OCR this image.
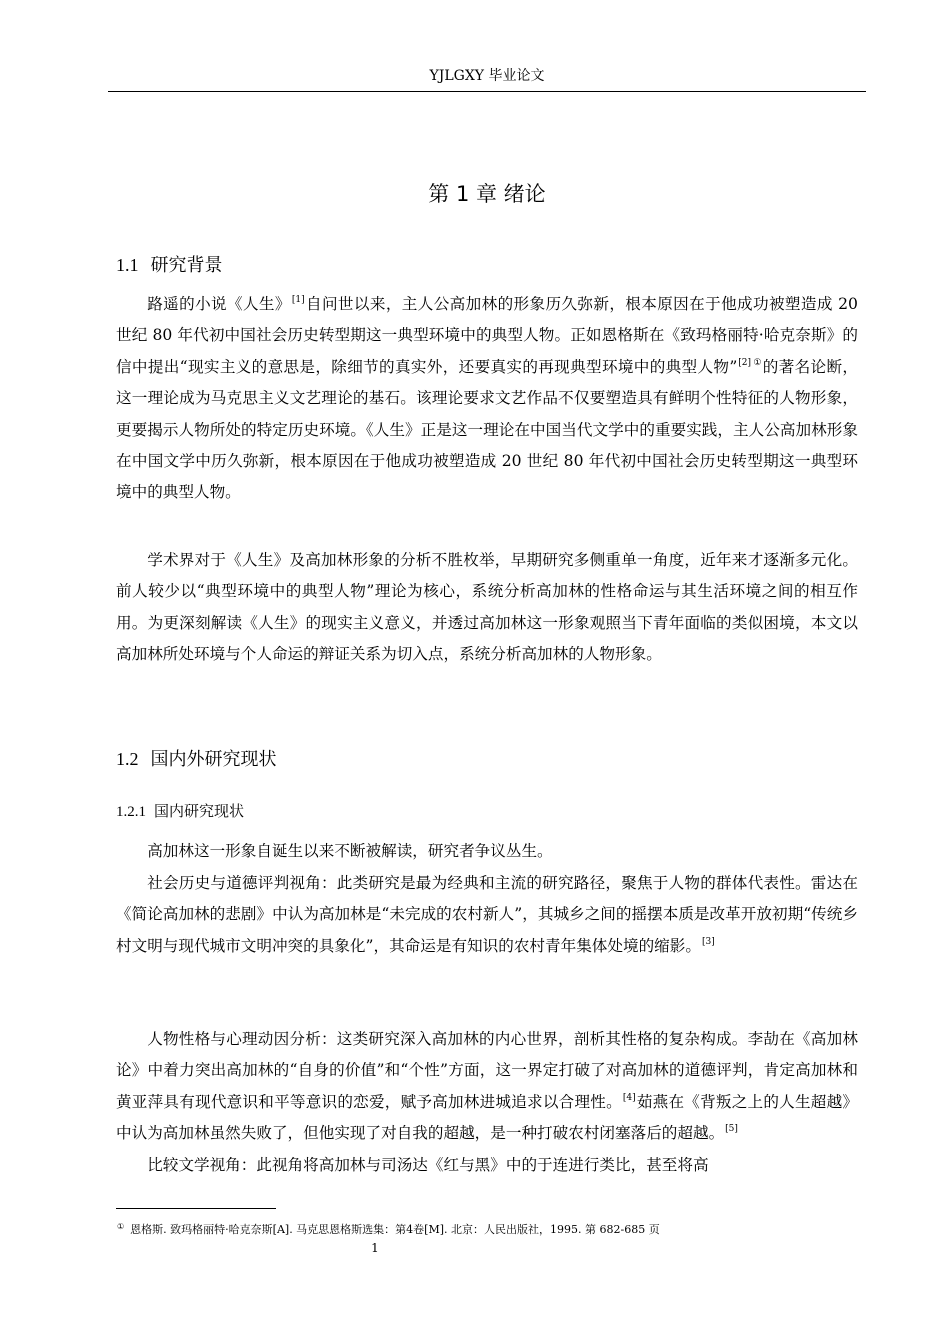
YJLGXY 毕业论文
第 1 章 绪论
1.1 研究背景

路遥的小说《人生》[1]自问世以来，主人公高加林的形象历久弥新，根本原因在于他成功被塑造成 20 世纪 80 年代初中国社会历史转型期这一典型环境中的典型人物。正如恩格斯在《致玛格丽特·哈克奈斯》的信中提出“现实主义的意思是，除细节的真实外，还要真实的再现典型环境中的典型人物”[2] ①的著名论断，这一理论成为马克思主义文艺理论的基石。该理论要求文艺作品不仅要塑造具有鲜明个性特征的人物形象，更要揭示人物所处的特定历史环境。《人生》正是这一理论在中国当代文学中的重要实践，主人公高加林形象在中国文学中历久弥新，根本原因在于他成功被塑造成 20 世纪 80 年代初中国社会历史转型期这一典型环境中的典型人物。

学术界对于《人生》及高加林形象的分析不胜枚举，早期研究多侧重单一角度，近年来才逐渐多元化。前人较少以“典型环境中的典型人物”理论为核心，系统分析高加林的性格命运与其生活环境之间的相互作用。为更深刻解读《人生》的现实主义意义，并透过高加林这一形象观照当下青年面临的类似困境，本文以高加林所处环境与个人命运的辩证关系为切入点，系统分析高加林的人物形象。

1.2 国内外研究现状
1.2.1 国内研究现状

高加林这一形象自诞生以来不断被解读，研究者争议丛生。

社会历史与道德评判视角：此类研究是最为经典和主流的研究路径，聚焦于人物的群体代表性。雷达在《简论高加林的悲剧》中认为高加林是“未完成的农村新人”，其城乡之间的摇摆本质是改革开放初期“传统乡村文明与现代城市文明冲突的具象化”，其命运是有知识的农村青年集体处境的缩影。[3]

人物性格与心理动因分析：这类研究深入高加林的内心世界，剖析其性格的复杂构成。李劼在《高加林论》中着力突出高加林的“自身的价值”和“个性”方面，这一界定打破了对高加林的道德评判，肯定高加林和黄亚萍具有现代意识和平等意识的恋爱，赋予高加林进城追求以合理性。[4]茹燕在《背叛之上的人生超越》中认为高加林虽然失败了，但他实现了对自我的超越，是一种打破农村闭塞落后的超越。[5]

比较文学视角：此视角将高加林与司汤达《红与黑》中的于连进行类比，甚至将高

① 恩格斯. 致玛格丽特·哈克奈斯[A]. 马克思恩格斯选集：第4卷[M]. 北京：人民出版社，1995. 第 682-685 页
1
